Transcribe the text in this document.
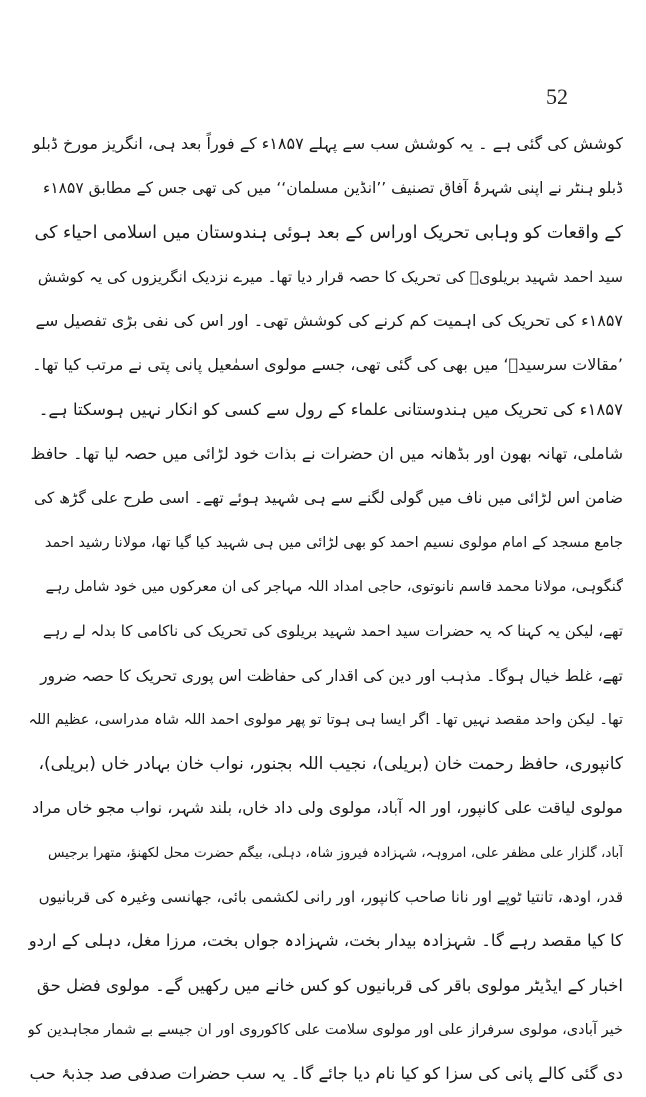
52
کوشش کی گئی ہے ۔ یہ کوشش سب سے پہلے ۱۸۵۷ء کے فوراً بعد ہی، انگریز مورخ ڈبلو
ڈبلو ہنٹر نے اپنی شہرۂ آفاق تصنیف ’’انڈین مسلمان‘‘ میں کی تھی جس کے مطابق ۱۸۵۷ء
کے واقعات کو وہابی تحریک اوراس کے بعد ہوئی ہندوستان میں اسلامی احیاء کی
سید احمد شہید بریلویؒ کی تحریک کا حصہ قرار دیا تھا۔ میرے نزدیک انگریزوں کی یہ کوشش
۱۸۵۷ء کی تحریک کی اہمیت کم کرنے کی کوشش تھی۔ اور اس کی نفی بڑی تفصیل سے
’مقالات سرسیدؒ‘ میں بھی کی گئی تھی، جسے مولوی اسمٰعیل پانی پتی نے مرتب کیا تھا۔
۱۸۵۷ء کی تحریک میں ہندوستانی علماء کے رول سے کسی کو انکار نہیں ہوسکتا ہے۔
شاملی، تھانہ بھون اور بڈھانہ میں ان حضرات نے بذات خود لڑائی میں حصہ لیا تھا۔ حافظ
ضامن اس لڑائی میں ناف میں گولی لگنے سے ہی شہید ہوئے تھے۔ اسی طرح علی گڑھ کی
جامع مسجد کے امام مولوی نسیم احمد کو بھی لڑائی میں ہی شہید کیا گیا تھا، مولانا رشید احمد
گنگوہی، مولانا محمد قاسم نانوتوی، حاجی امداد اللہ مہاجر کی ان معرکوں میں خود شامل رہے
تھے، لیکن یہ کہنا کہ یہ حضرات سید احمد شہید بریلوی کی تحریک کی ناکامی کا بدلہ لے رہے
تھے، غلط خیال ہوگا۔ مذہب اور دین کی اقدار کی حفاظت اس پوری تحریک کا حصہ ضرور
تھا۔ لیکن واحد مقصد نہیں تھا۔ اگر ایسا ہی ہوتا تو پھر مولوی احمد اللہ شاہ مدراسی، عظیم اللہ
کانپوری، حافظ رحمت خان (بریلی)، نجیب اللہ بجنور، نواب خان بہادر خاں (بریلی)،
مولوی لیاقت علی کانپور، اور الہ آباد، مولوی ولی داد خاں، بلند شہر، نواب مجو خاں مراد
آباد، گلزار علی مظفر علی، امروہہ، شہزادہ فیروز شاہ، دہلی، بیگم حضرت محل لکھنؤ، متھرا برجیس
قدر، اودھ، تانتیا ٹوپے اور نانا صاحب کانپور، اور رانی لکشمی بائی، جھانسی وغیرہ کی قربانیوں
کا کیا مقصد رہے گا۔ شہزادہ بیدار بخت، شہزادہ جواں بخت، مرزا مغل، دہلی کے اردو
اخبار کے ایڈیٹر مولوی باقر کی قربانیوں کو کس خانے میں رکھیں گے۔ مولوی فضل حق
خیر آبادی، مولوی سرفراز علی اور مولوی سلامت علی کاکوروی اور ان جیسے بے شمار مجاہدین کو
دی گئی کالے پانی کی سزا کو کیا نام دیا جائے گا۔ یہ سب حضرات صدفی صد جذبۂ حب
